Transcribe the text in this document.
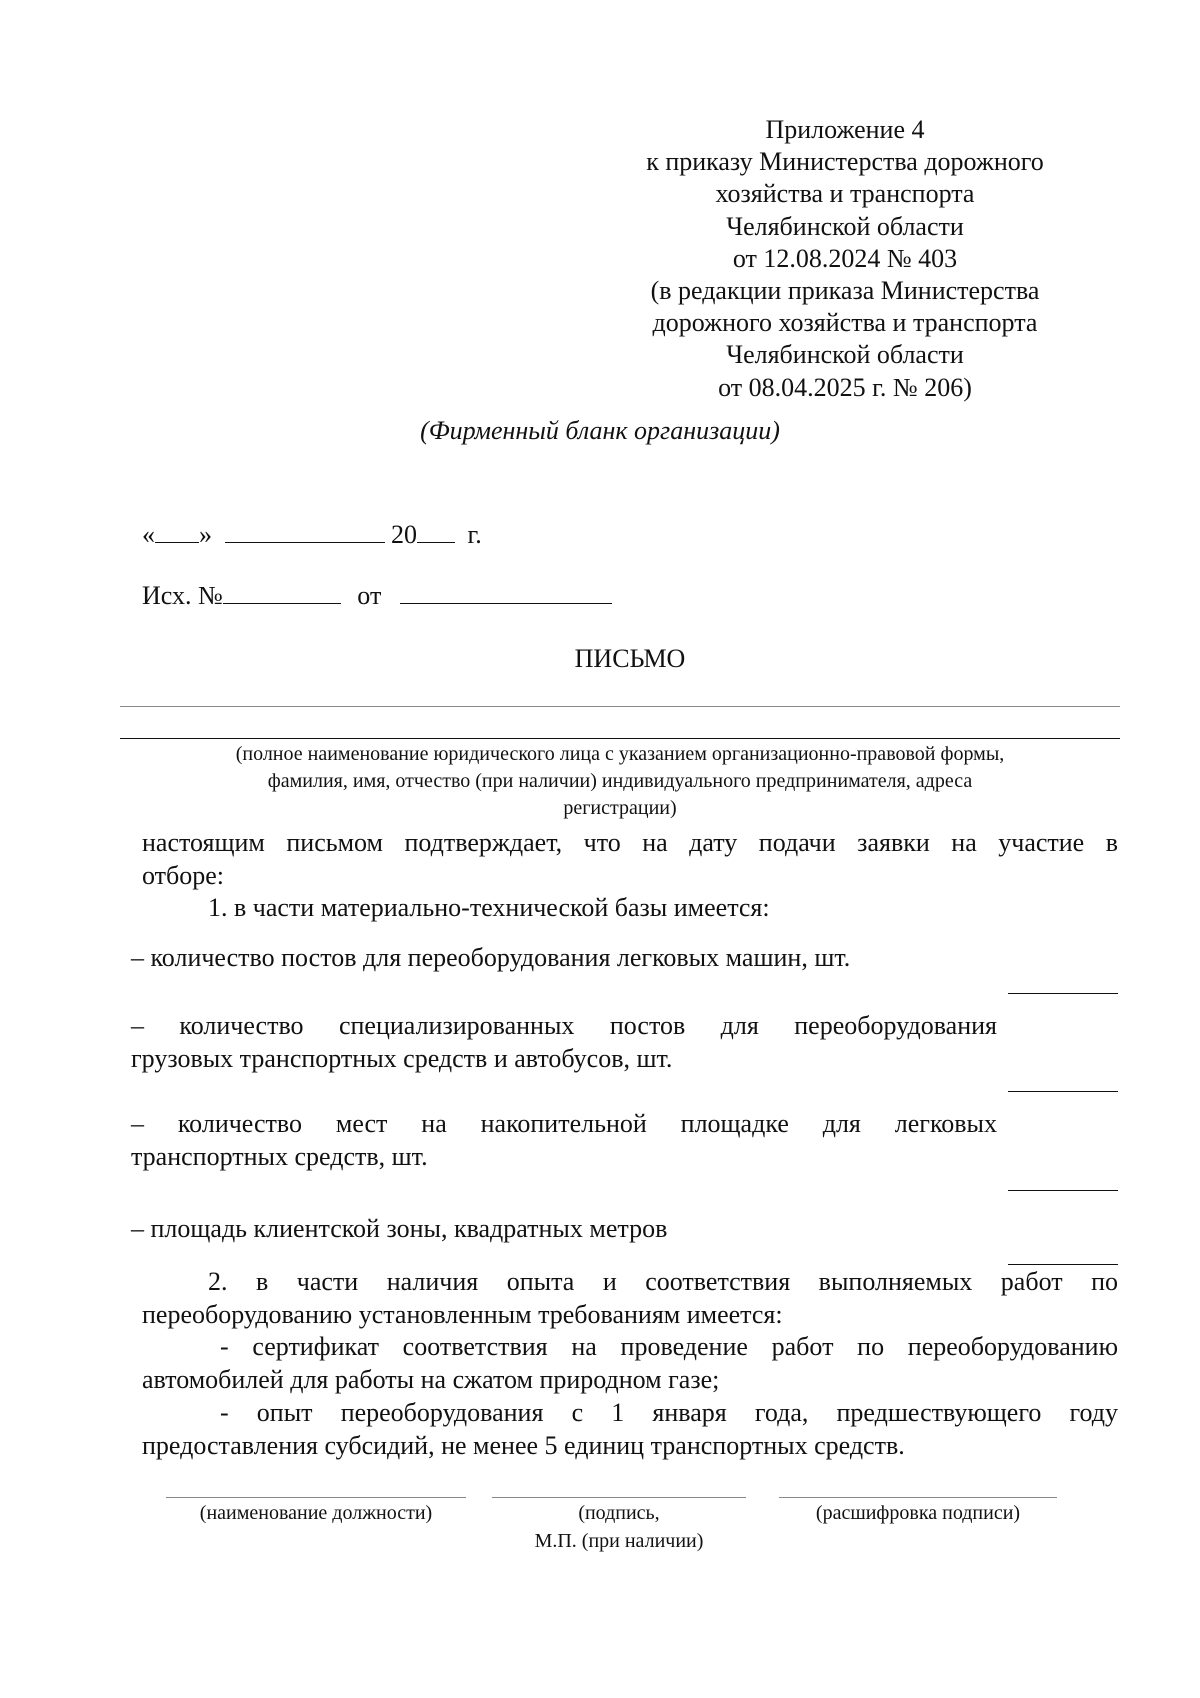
Приложение 4
к приказу Министерства дорожного
хозяйства и транспорта
Челябинской области
от 12.08.2024 № 403
(в редакции приказа Министерства
дорожного хозяйства и транспорта
Челябинской области
от 08.04.2025 г. № 206)
(Фирменный бланк организации)
« »	20 г.
Исх. №	от
ПИСЬМО
(полное наименование юридического лица с указанием организационно-правовой формы,
фамилия, имя, отчество (при наличии) индивидуального предпринимателя, адреса
регистрации)
настоящим письмом подтверждает, что на дату подачи заявки на участие в
отборе:
1. в части материально-технической базы имеется:
– количество постов для переоборудования легковых машин, шт.
– количество специализированных постов для переоборудования
грузовых транспортных средств и автобусов, шт.
– количество мест на накопительной площадке для легковых
транспортных средств, шт.
– площадь клиентской зоны, квадратных метров
2. в части наличия опыта и соответствия выполняемых работ по
переоборудованию установленным требованиям имеется:
- сертификат соответствия на проведение работ по переоборудованию
автомобилей для работы на сжатом природном газе;
- опыт переоборудования с 1 января года, предшествующего году
предоставления субсидий, не менее 5 единиц транспортных средств.
(наименование должности)	(подпись,
М.П. (при наличии)
(расшифровка подписи)
